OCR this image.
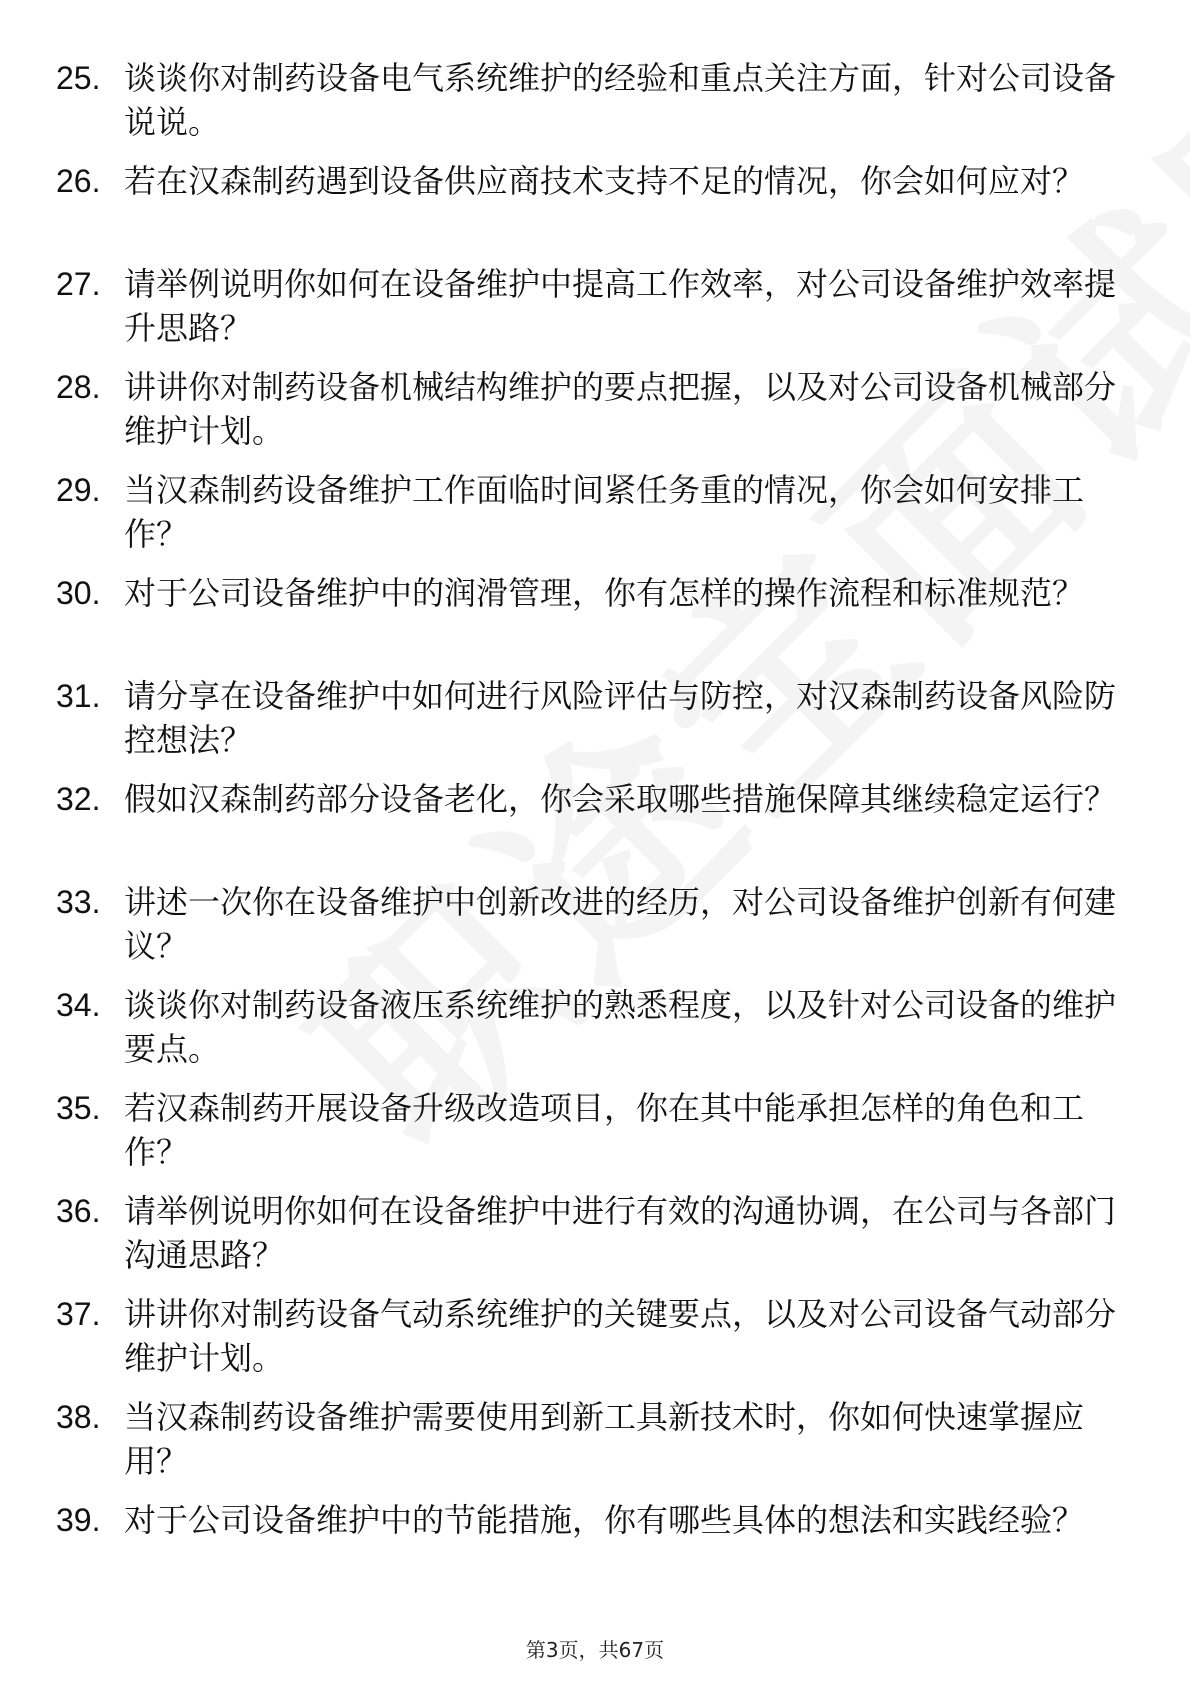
25. 谈谈你对制药设备电气系统维护的经验和重点关注方面，针对公司设备说说。
26. 若在汉森制药遇到设备供应商技术支持不足的情况，你会如何应对？
27. 请举例说明你如何在设备维护中提高工作效率，对公司设备维护效率提升思路？
28. 讲讲你对制药设备机械结构维护的要点把握，以及对公司设备机械部分维护计划。
29. 当汉森制药设备维护工作面临时间紧任务重的情况，你会如何安排工作？
30. 对于公司设备维护中的润滑管理，你有怎样的操作流程和标准规范？
31. 请分享在设备维护中如何进行风险评估与防控，对汉森制药设备风险防控想法？
32. 假如汉森制药部分设备老化，你会采取哪些措施保障其继续稳定运行？
33. 讲述一次你在设备维护中创新改进的经历，对公司设备维护创新有何建议？
34. 谈谈你对制药设备液压系统维护的熟悉程度，以及针对公司设备的维护要点。
35. 若汉森制药开展设备升级改造项目，你在其中能承担怎样的角色和工作？
36. 请举例说明你如何在设备维护中进行有效的沟通协调，在公司与各部门沟通思路？
37. 讲讲你对制药设备气动系统维护的关键要点，以及对公司设备气动部分维护计划。
38. 当汉森制药设备维护需要使用到新工具新技术时，你如何快速掌握应用？
39. 对于公司设备维护中的节能措施，你有哪些具体的想法和实践经验？
第3页，共67页
